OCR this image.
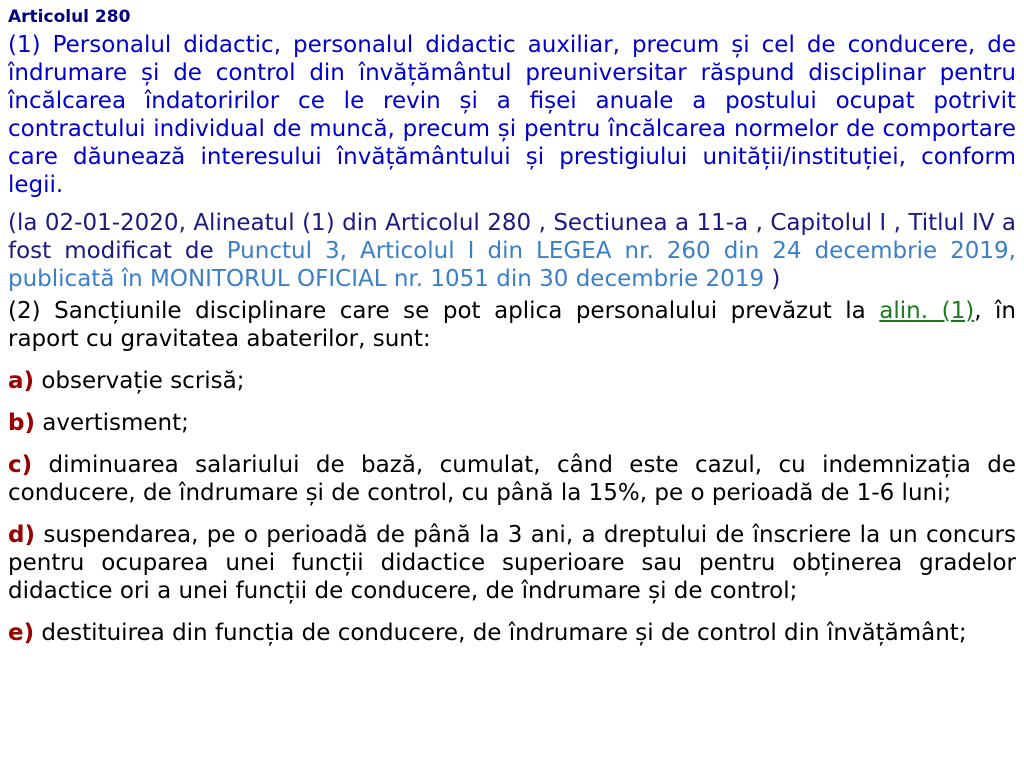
Articolul 280

(1) Personalul didactic, personalul didactic auxiliar, precum și cel de conducere, de îndrumare și de control din învățământul preuniversitar răspund disciplinar pentru încălcarea îndatoririlor ce le revin și a fișei anuale a postului ocupat potrivit contractului individual de muncă, precum și pentru încălcarea normelor de comportare care dăunează interesului învățământului și prestigiului unității/instituției, conform legii.

(la 02-01-2020, Alineatul (1) din Articolul 280 , Sectiunea a 11-a , Capitolul I , Titlul IV a fost modificat de Punctul 3, Articolul I din LEGEA nr. 260 din 24 decembrie 2019, publicată în MONITORUL OFICIAL nr. 1051 din 30 decembrie 2019 )

(2) Sancțiunile disciplinare care se pot aplica personalului prevăzut la alin. (1), în raport cu gravitatea abaterilor, sunt:

a) observație scrisă;

b) avertisment;

c) diminuarea salariului de bază, cumulat, când este cazul, cu indemnizația de conducere, de îndrumare și de control, cu până la 15%, pe o perioadă de 1-6 luni;

d) suspendarea, pe o perioadă de până la 3 ani, a dreptului de înscriere la un concurs pentru ocuparea unei funcții didactice superioare sau pentru obținerea gradelor didactice ori a unei funcții de conducere, de îndrumare și de control;

e) destituirea din funcția de conducere, de îndrumare și de control din învățământ;
